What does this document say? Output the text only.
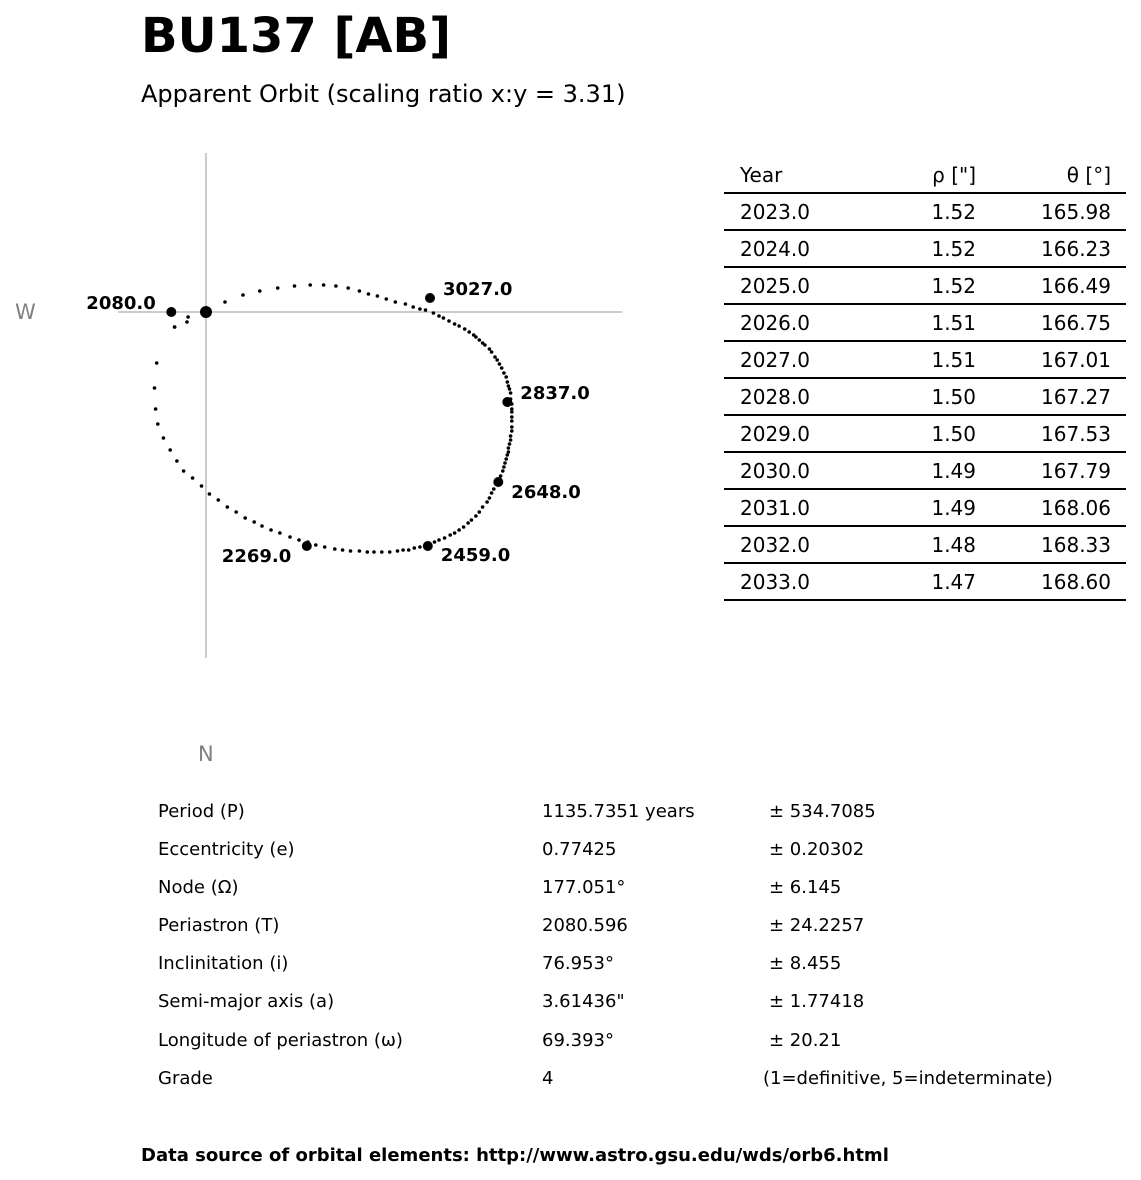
BU137 [AB]
Apparent Orbit (scaling ratio x:y = 3.31)
W
N
2080.0
3027.0
2837.0
2648.0
2459.0
2269.0
Year	ρ ["]	θ [°]
2023.0	1.52	165.98
2024.0	1.52	166.23
2025.0	1.52	166.49
2026.0	1.51	166.75
2027.0	1.51	167.01
2028.0	1.50	167.27
2029.0	1.50	167.53
2030.0	1.49	167.79
2031.0	1.49	168.06
2032.0	1.48	168.33
2033.0	1.47	168.60
Period (P)	1135.7351 years	± 534.7085
Eccentricity (e)	0.77425	± 0.20302
Node (Ω)	177.051°	± 6.145
Periastron (T)	2080.596	± 24.2257
Inclinitation (i)	76.953°	± 8.455
Semi-major axis (a)	3.61436"	± 1.77418
Longitude of periastron (ω)	69.393°	± 20.21
Grade	4	(1=definitive, 5=indeterminate)
Data source of orbital elements: http://www.astro.gsu.edu/wds/orb6.html
